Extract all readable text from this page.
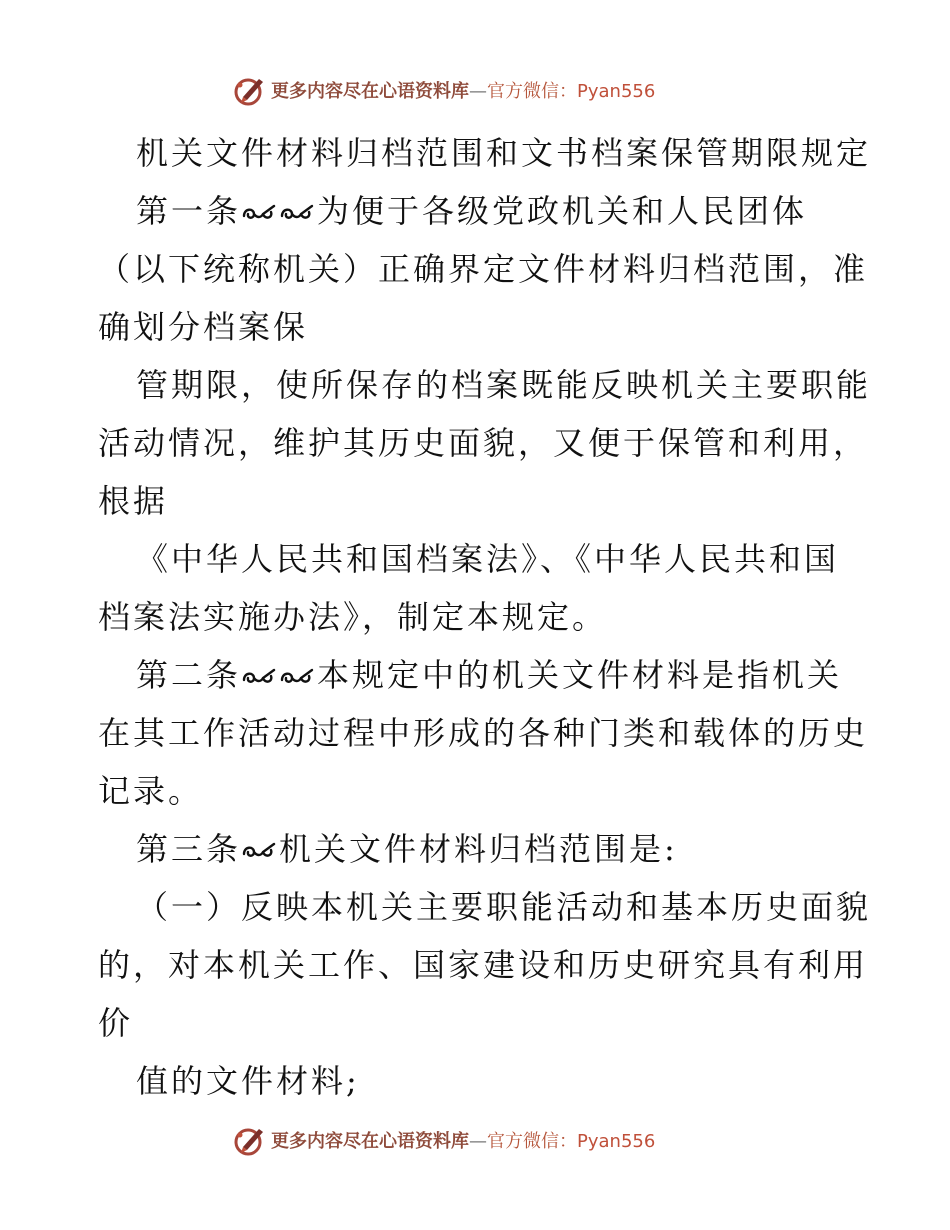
更多内容尽在心语资料库—官方微信：Pyan556
机关文件材料归档范围和文书档案保管期限规定
第一条 为便于各级党政机关和人民团体
（以下统称机关）正确界定文件材料归档范围，准
确划分档案保
管期限，使所保存的档案既能反映机关主要职能
活动情况，维护其历史面貌，又便于保管和利用，
根据
《中华人民共和国档案法》、《中华人民共和国
档案法实施办法》，制定本规定。
第二条 本规定中的机关文件材料是指机关
在其工作活动过程中形成的各种门类和载体的历史
记录。
第三条 机关文件材料归档范围是:
（一）反映本机关主要职能活动和基本历史面貌
的，对本机关工作、国家建设和历史研究具有利用
价
值的文件材料;
更多内容尽在心语资料库—官方微信：Pyan556
